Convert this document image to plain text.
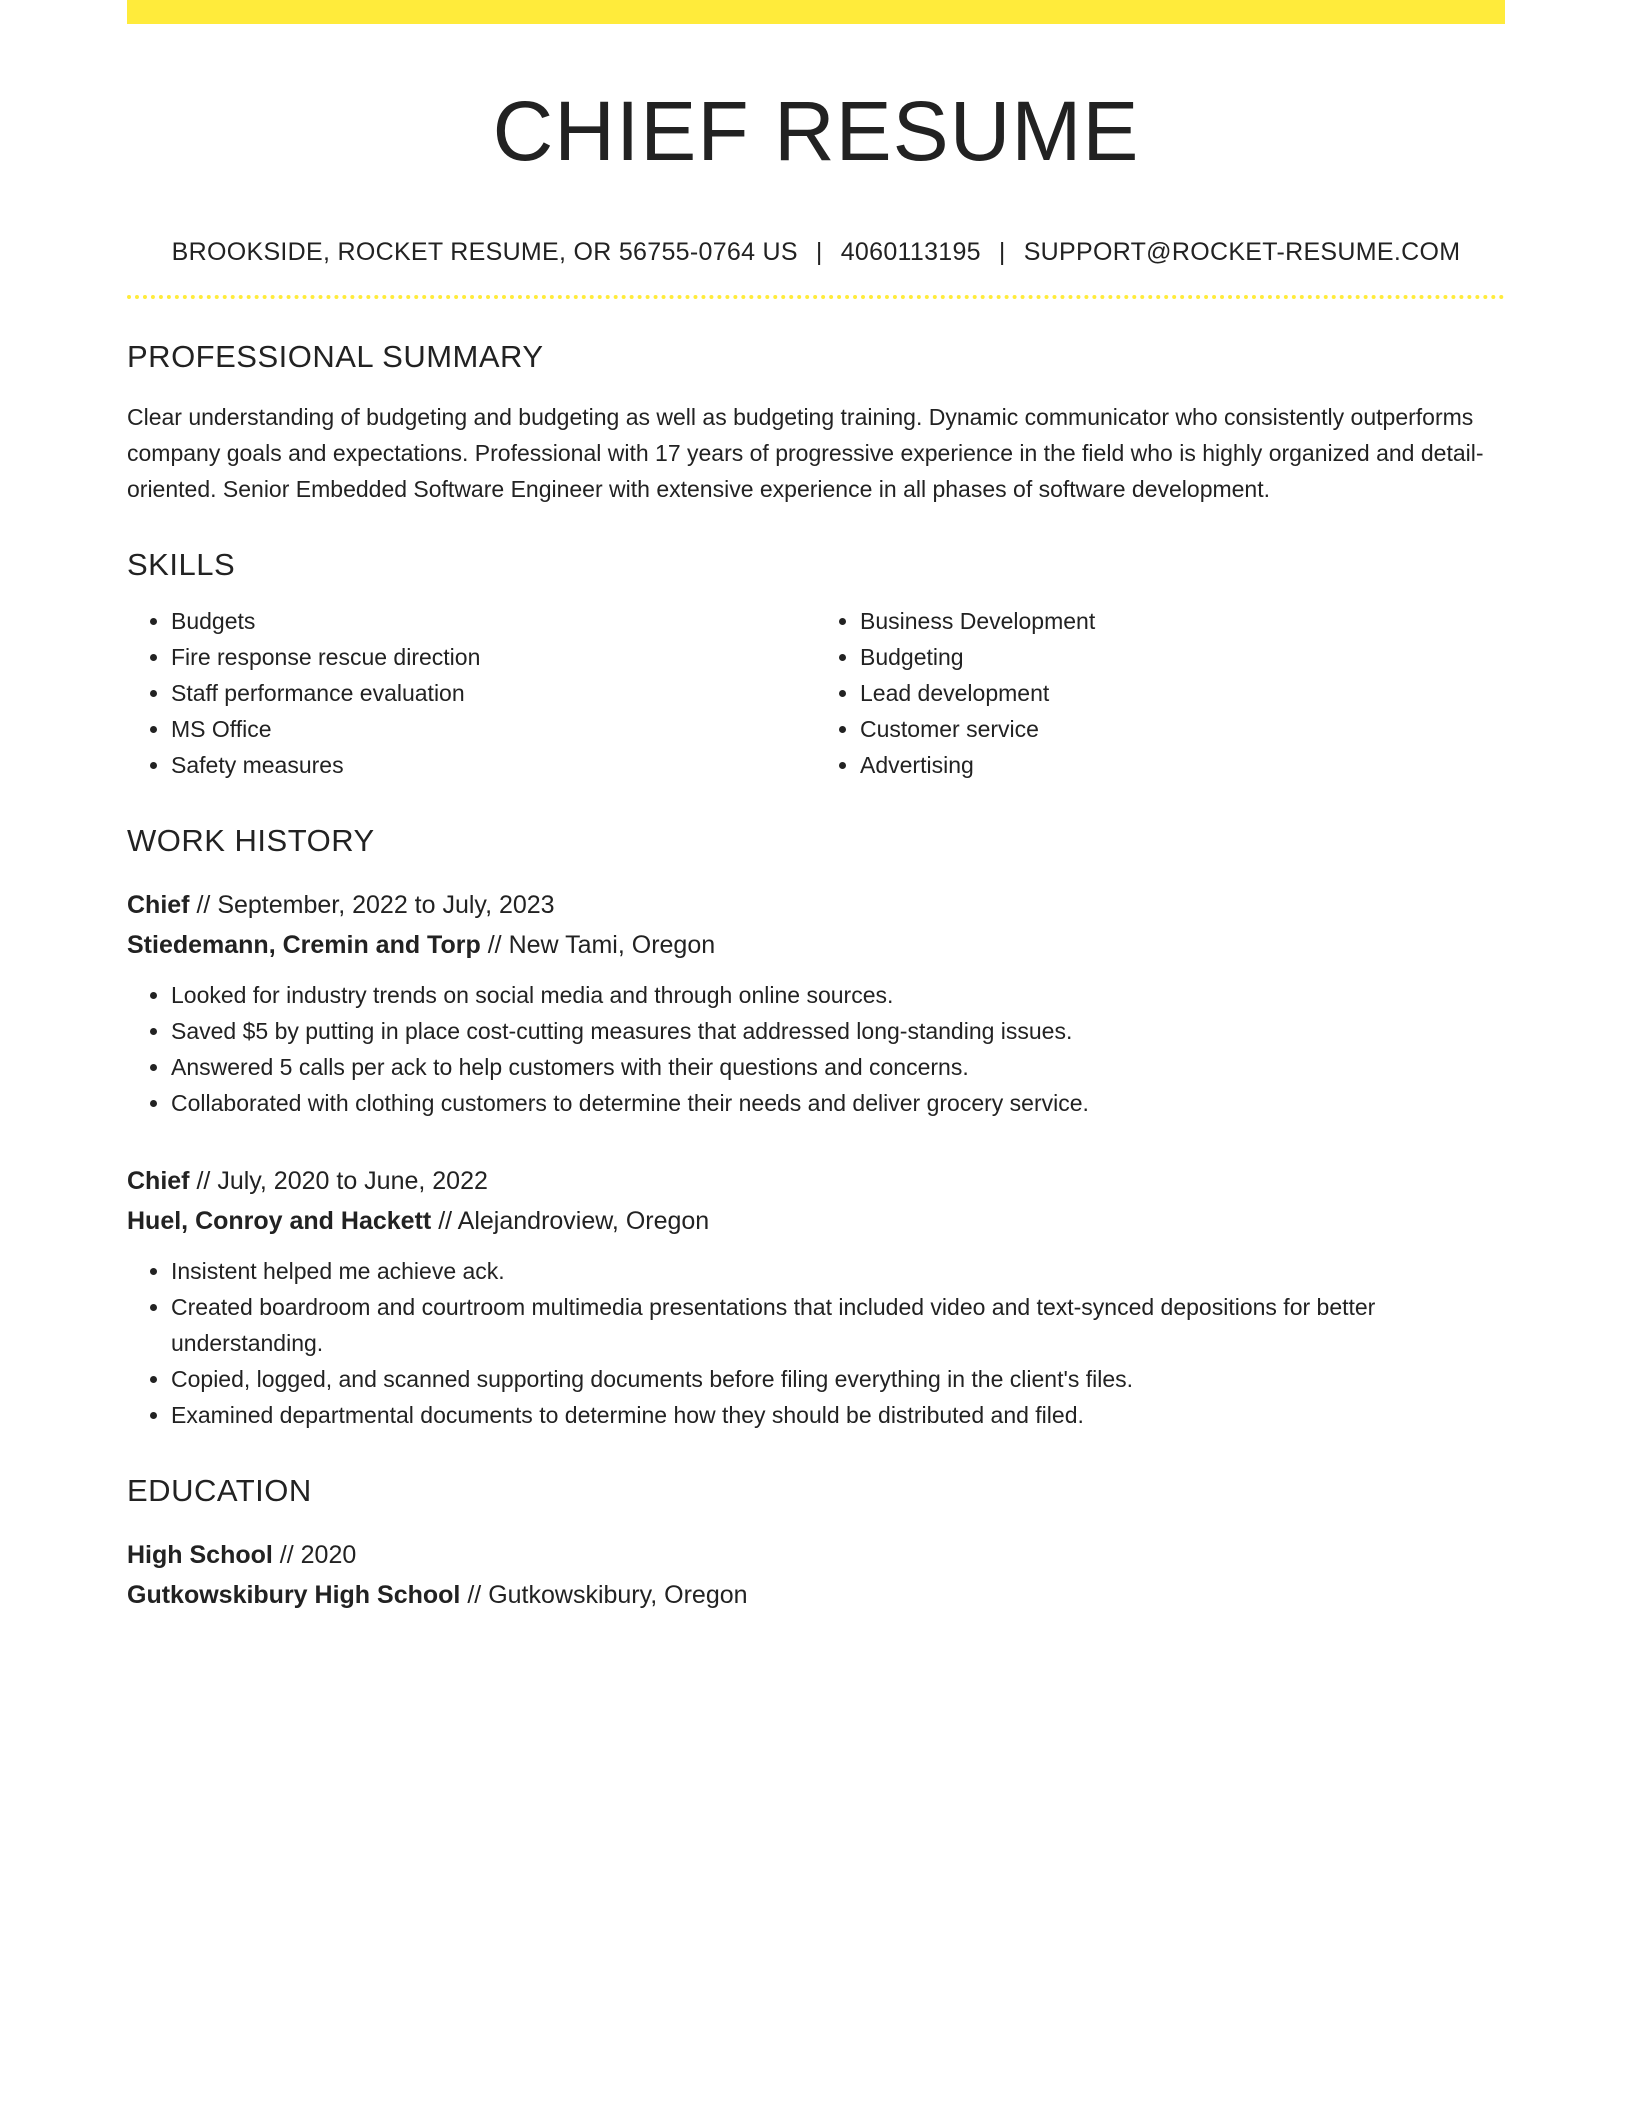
CHIEF RESUME
BROOKSIDE, ROCKET RESUME, OR 56755-0764 US | 4060113195 | SUPPORT@ROCKET-RESUME.COM
PROFESSIONAL SUMMARY

Clear understanding of budgeting and budgeting as well as budgeting training. Dynamic communicator who consistently outperforms company goals and expectations. Professional with 17 years of progressive experience in the field who is highly organized and detail-oriented. Senior Embedded Software Engineer with extensive experience in all phases of software development.

SKILLS
• Budgets
• Fire response rescue direction
• Staff performance evaluation
• MS Office
• Safety measures
• Business Development
• Budgeting
• Lead development
• Customer service
• Advertising
WORK HISTORY
Chief // September, 2022 to July, 2023
Stiedemann, Cremin and Torp // New Tami, Oregon
• Looked for industry trends on social media and through online sources.
• Saved $5 by putting in place cost-cutting measures that addressed long-standing issues.
• Answered 5 calls per ack to help customers with their questions and concerns.
• Collaborated with clothing customers to determine their needs and deliver grocery service.
Chief // July, 2020 to June, 2022
Huel, Conroy and Hackett // Alejandroview, Oregon
• Insistent helped me achieve ack.
• Created boardroom and courtroom multimedia presentations that included video and text-synced depositions for better understanding.
• Copied, logged, and scanned supporting documents before filing everything in the client's files.
• Examined departmental documents to determine how they should be distributed and filed.
EDUCATION
High School // 2020
Gutkowskibury High School // Gutkowskibury, Oregon
